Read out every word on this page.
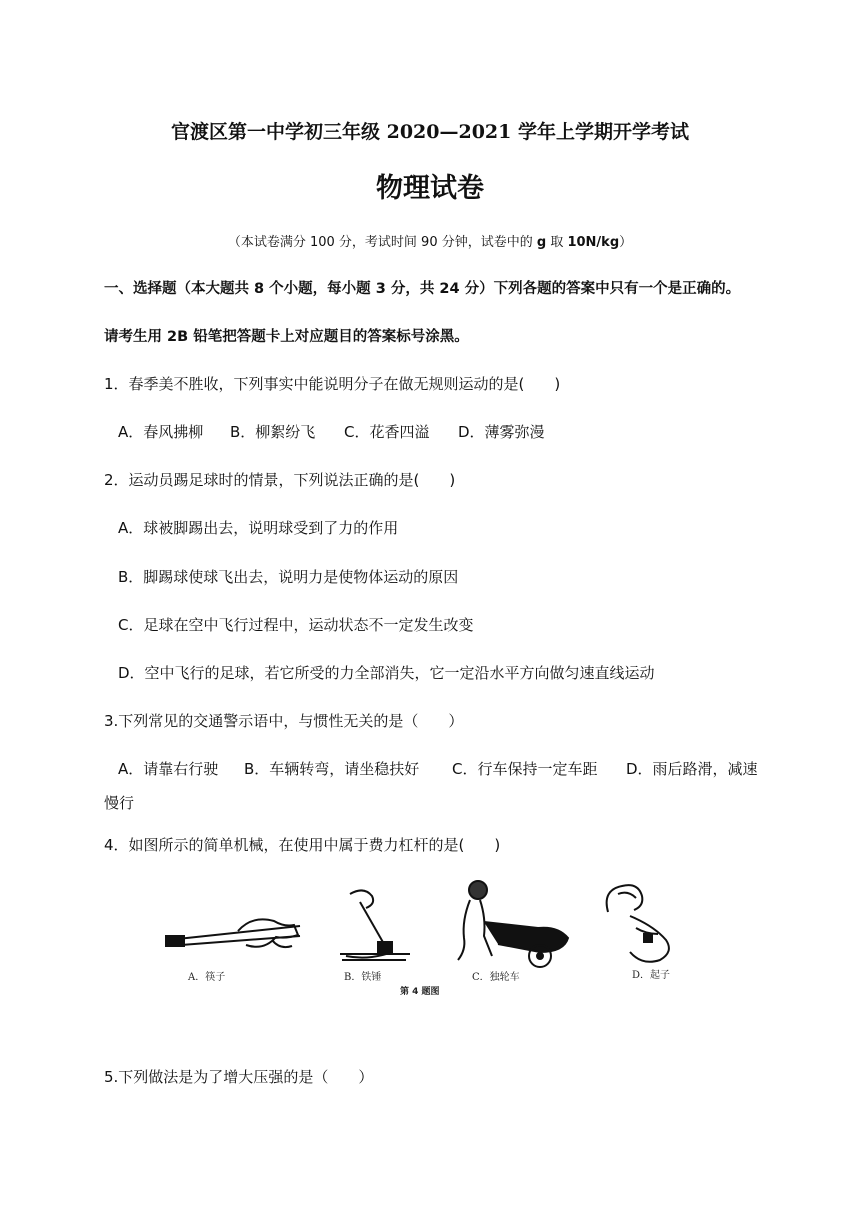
官渡区第一中学初三年级 2020—2021 学年上学期开学考试
物理试卷
（本试卷满分 100 分，考试时间 90 分钟，试卷中的 g 取 10N/kg）
一、选择题（本大题共 8 个小题，每小题 3 分，共 24 分）下列各题的答案中只有一个是正确的。
请考生用 2B 铅笔把答题卡上对应题目的答案标号涂黑。
1．春季美不胜收，下列事实中能说明分子在做无规则运动的是(　　)
A．春风拂柳 B．柳絮纷飞 C．花香四溢 D．薄雾弥漫
2．运动员踢足球时的情景，下列说法正确的是(　　)
A．球被脚踢出去，说明球受到了力的作用
B．脚踢球使球飞出去，说明力是使物体运动的原因
C．足球在空中飞行过程中，运动状态不一定发生改变
D．空中飞行的足球，若它所受的力全部消失，它一定沿水平方向做匀速直线运动
3.下列常见的交通警示语中，与惯性无关的是（　　）
A．请靠右行驶 B．车辆转弯，请坐稳扶好 C．行车保持一定车距 D．雨后路滑，减速
慢行
4．如图所示的简单机械，在使用中属于费力杠杆的是(　　)
A．筷子	B．铁锤	C．独轮车	D．起子
第 4 题图
5.下列做法是为了增大压强的是（　　）
